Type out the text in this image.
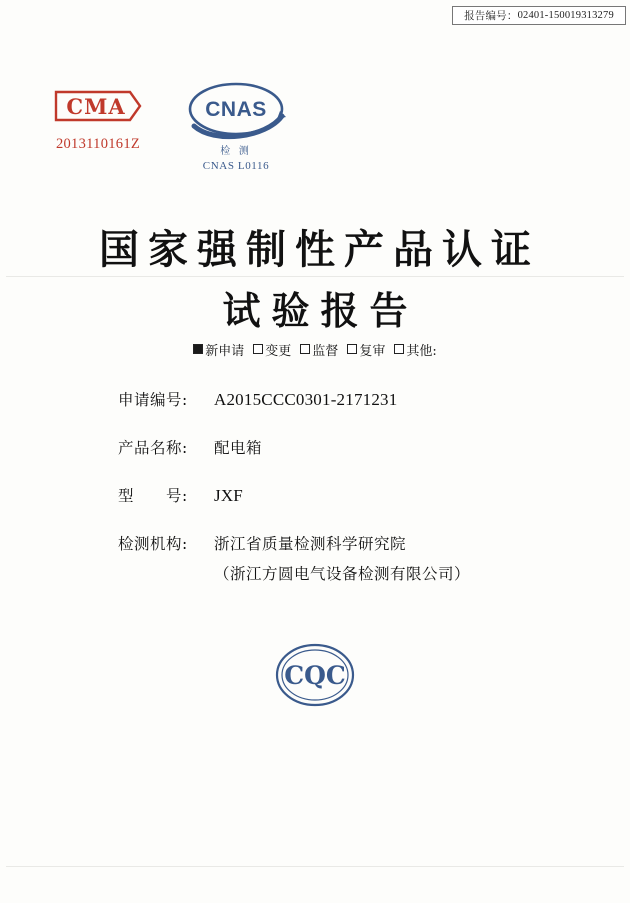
报告编号： 02401-150019313279
CMA
2013110161Z
CNAS
检 测
CNAS L0116
国家强制性产品认证
试验报告
新申请 变更 监督 复审 其他:
申请编号:	A2015CCC0301-2171231
产品名称:	配电箱
型　　号:	JXF
检测机构:	浙江省质量检测科学研究院
（浙江方圆电气设备检测有限公司）
CQC
